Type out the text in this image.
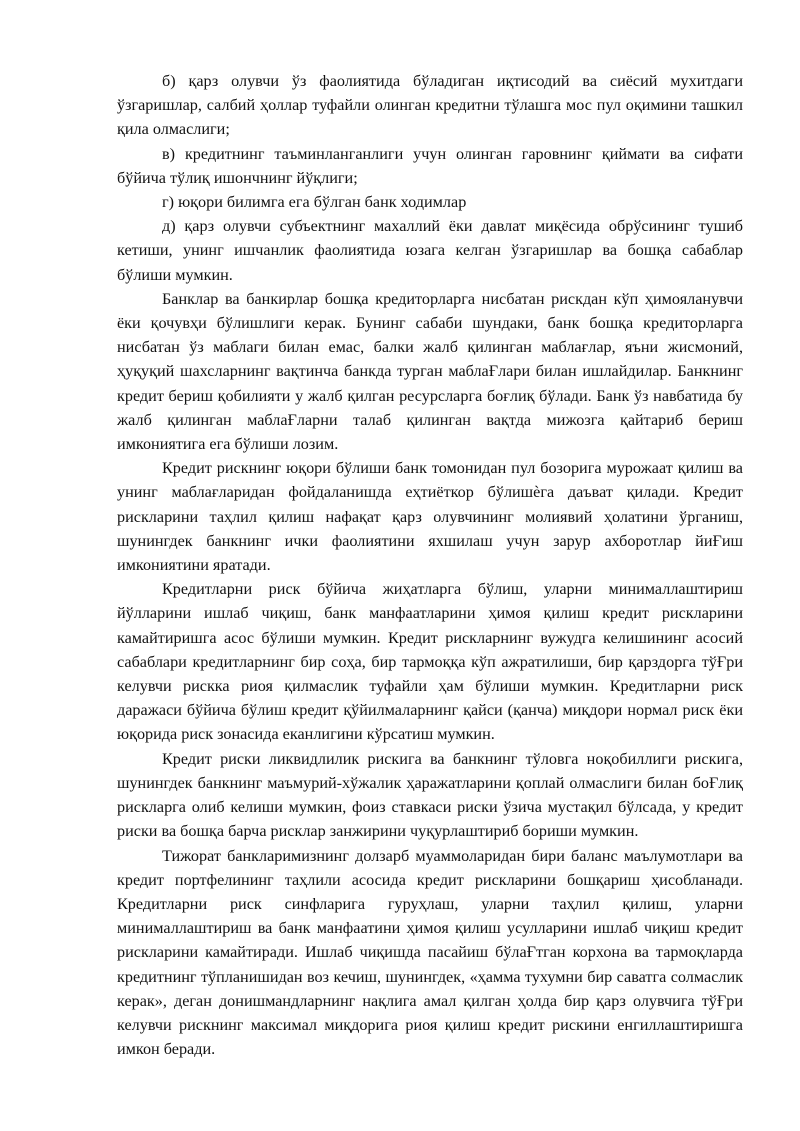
б) қарз олувчи ўз фаолиятида бўладиган иқтисодий ва сиёсий мухитдаги ўзгаришлар, салбий ҳоллар туфайли олинган кредитни тўлашга мос пул оқимини ташкил қила олмаслиги;

в) кредитнинг таъминланганлиги учун олинган гаровнинг қиймати ва сифати бўйича тўлиқ ишончнинг йўқлиги;

г) юқори билимга ега бўлган банк ходимлар

д) қарз олувчи субъектнинг махаллий ёки давлат миқёсида обрўсининг тушиб кетиши, унинг ишчанлик фаолиятида юзага келган ўзгаришлар ва бошқа сабаблар бўлиши мумкин.

Банклар ва банкирлар бошқа кредиторларга нисбатан рискдан кўп ҳимояланувчи ёки қочувҳи бўлишлиги керак. Бунинг сабаби шундаки, банк бошқа кредиторларга нисбатан ўз маблаги билан емас, балки жалб қилинган маблағлар, яъни жисмоний, ҳуқуқий шахсларнинг вақтинча банкда турган маблаҒлари билан ишлайдилар. Банкнинг кредит бериш қобилияти у жалб қилган ресурсларга боғлиқ бўлади. Банк ўз навбатида бу жалб қилинган маблаҒларни талаб қилинган вақтда мижозга қайтариб бериш имкониятига ега бўлиши лозим.

Кредит рискнинг юқори бўлиши банк томонидан пул бозорига мурожаат қилиш ва унинг маблағларидан фойдаланишда еҳтиёткор бўлишѐга даъват қилади. Кредит рискларини таҳлил қилиш нафақат қарз олувчининг молиявий ҳолатини ўрганиш, шунингдек банкнинг ички фаолиятини яхшилаш учун зарур ахборотлар йиҒиш имкониятини яратади.

Кредитларни риск бўйича жиҳатларга бўлиш, уларни минималлаштириш йўлларини ишлаб чиқиш, банк манфаатларини ҳимоя қилиш кредит рискларини камайтиришга асос бўлиши мумкин. Кредит рискларнинг вужудга келишининг асосий сабаблари кредитларнинг бир соҳа, бир тармоққа кўп ажратилиши, бир қарздорга тўҒри келувчи рискка риоя қилмаслик туфайли ҳам бўлиши мумкин. Кредитларни риск даражаси бўйича бўлиш кредит қўйилмаларнинг қайси (қанча) миқдори нормал риск ёки юқорида риск зонасида еканлигини кўрсатиш мумкин.

Кредит риски ликвидлилик рискига ва банкнинг тўловга ноқобиллиги рискига, шунингдек банкнинг маъмурий-хўжалик ҳаражатларини қоплай олмаслиги билан боҒлиқ рискларга олиб келиши мумкин, фоиз ставкаси риски ўзича мустақил бўлсада, у кредит риски ва бошқа барча рисклар занжирини чуқурлаштириб бориши мумкин.

Тижорат банкларимизнинг долзарб муаммоларидан бири баланс маълумотлари ва кредит портфелининг таҳлили асосида кредит рискларини бошқариш ҳисобланади. Кредитларни риск синфларига гуруҳлаш, уларни таҳлил қилиш, уларни минималлаштириш ва банк манфаатини ҳимоя қилиш усулларини ишлаб чиқиш кредит рискларини камайтиради. Ишлаб чиқишда пасайиш бўлаҒтган корхона ва тармоқларда кредитнинг тўпланишидан воз кечиш, шунингдек, «ҳамма тухумни бир саватга солмаслик керак», деган донишмандларнинг нақлига амал қилган ҳолда бир қарз олувчига тўҒри келувчи рискнинг максимал миқдорига риоя қилиш кредит рискини енгиллаштиришга имкон беради.
